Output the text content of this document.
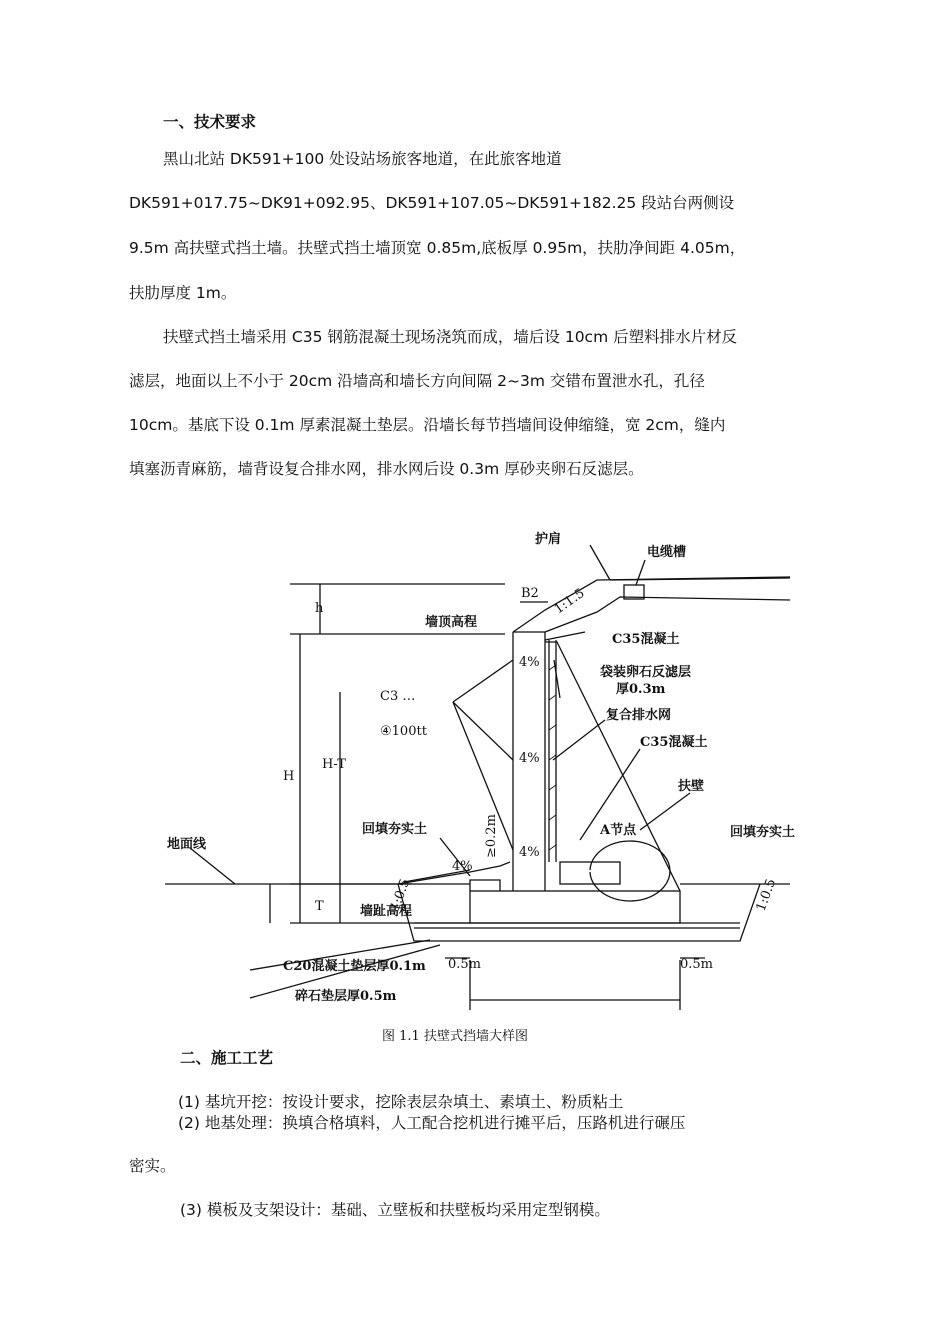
一、技术要求
黑山北站 DK591+100 处设站场旅客地道，在此旅客地道
DK591+017.75~DK91+092.95、DK591+107.05~DK591+182.25 段站台两侧设
9.5m 高扶壁式挡土墙。扶壁式挡土墙顶宽 0.85m,底板厚 0.95m，扶肋净间距 4.05m，
扶肋厚度 1m。
扶壁式挡土墙采用 C35 钢筋混凝土现场浇筑而成，墙后设 10cm 后塑料排水片材反
滤层，地面以上不小于 20cm 沿墙高和墙长方向间隔 2~3m 交错布置泄水孔，孔径
10cm。基底下设 0.1m 厚素混凝土垫层。沿墙长每节挡墙间设伸缩缝，宽 2cm，缝内
填塞沥青麻筋，墙背设复合排水网，排水网后设 0.3m 厚砂夹卵石反滤层。
护肩
电缆槽
B2 1:1.5
墙顶高程
C35混凝土
袋装卵石反滤层
厚0.3m
复合排水网
C35混凝土
扶壁
A节点
回填夯实土	回填夯实土
地面线
墙趾高程
C20混凝土垫层厚0.1m
碎石垫层厚0.5m
h
H
H-T
T
4%
4%
4%
4%
≥0.2m
1:0.5	1:0.5
0.5m	0.5m
C3 …
④100tt
图 1.1 扶壁式挡墙大样图
二、施工工艺
(1) 基坑开挖：按设计要求，挖除表层杂填土、素填土、粉质粘土
(2) 地基处理：换填合格填料，人工配合挖机进行摊平后，压路机进行碾压
密实。
(3) 模板及支架设计：基础、立壁板和扶壁板均采用定型钢模。
